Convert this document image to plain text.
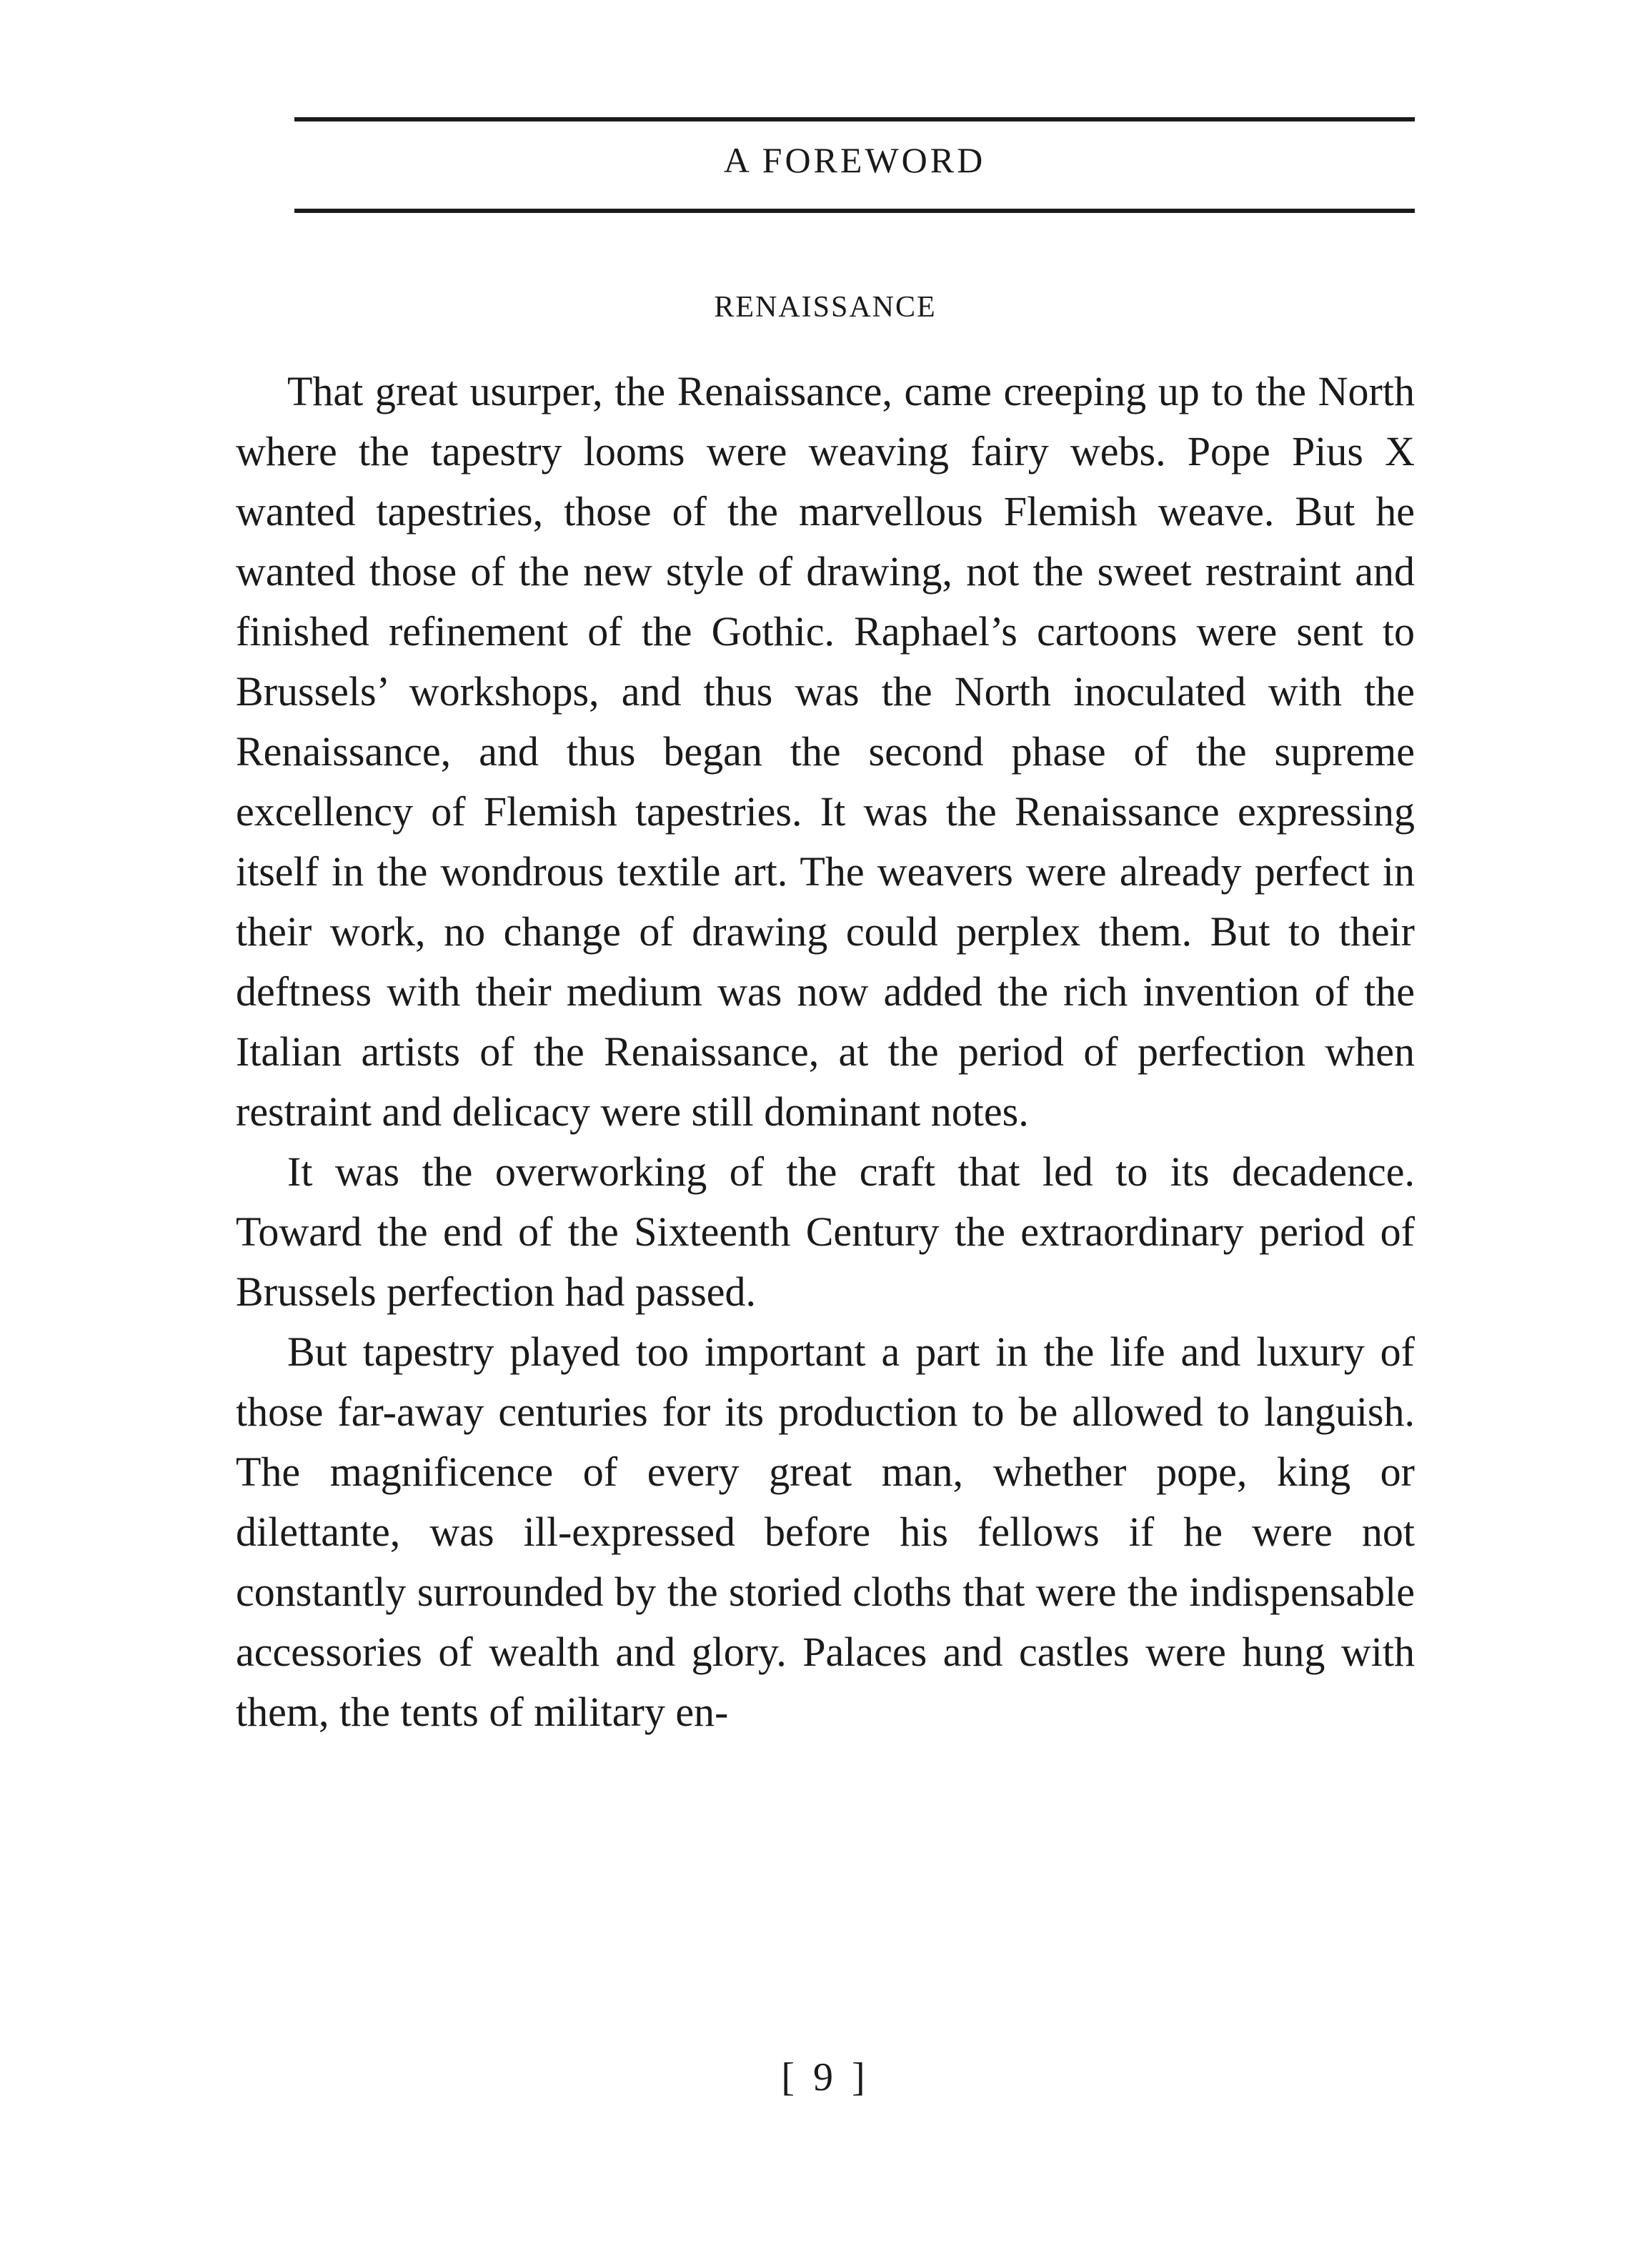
A FOREWORD
RENAISSANCE

That great usurper, the Renaissance, came creeping up to the North where the tapestry looms were weaving fairy webs. Pope Pius X wanted tapestries, those of the marvellous Flemish weave. But he wanted those of the new style of drawing, not the sweet restraint and finished refinement of the Gothic. Raphael’s cartoons were sent to Brussels’ workshops, and thus was the North inoculated with the Renaissance, and thus began the second phase of the supreme excellency of Flemish tapestries. It was the Renaissance expressing itself in the wondrous textile art. The weavers were already perfect in their work, no change of drawing could perplex them. But to their deftness with their medium was now added the rich invention of the Italian artists of the Renaissance, at the period of perfection when restraint and delicacy were still dominant notes.

It was the overworking of the craft that led to its decadence. Toward the end of the Sixteenth Century the extraordinary period of Brussels perfection had passed.

But tapestry played too important a part in the life and luxury of those far-away centuries for its production to be allowed to languish. The magnificence of every great man, whether pope, king or dilettante, was ill-expressed before his fellows if he were not constantly surrounded by the storied cloths that were the indispensable accessories of wealth and glory. Palaces and castles were hung with them, the tents of military en-

[ 9 ]
